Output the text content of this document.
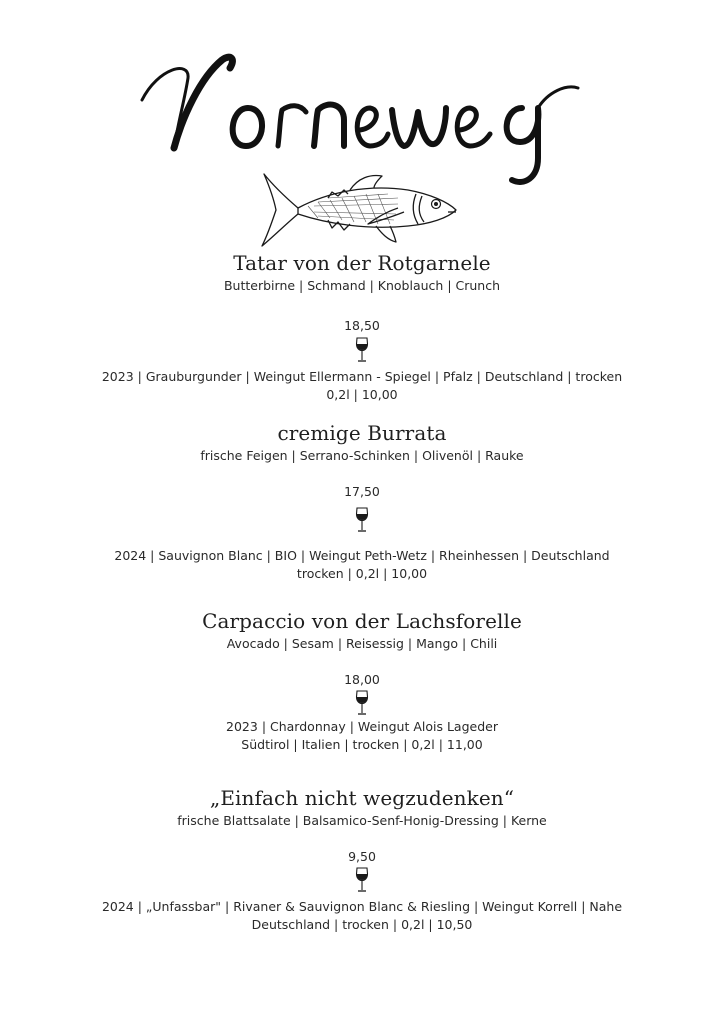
Tatar von der Rotgarnele
Butterbirne | Schmand | Knoblauch | Crunch
18,50
2023 | Grauburgunder | Weingut Ellermann - Spiegel | Pfalz | Deutschland | trocken
0,2l | 10,00
cremige Burrata
frische Feigen | Serrano-Schinken | Olivenöl | Rauke
17,50
2024 | Sauvignon Blanc | BIO | Weingut Peth-Wetz | Rheinhessen | Deutschland
trocken | 0,2l | 10,00
Carpaccio von der Lachsforelle
Avocado | Sesam | Reisessig | Mango | Chili
18,00
2023 | Chardonnay | Weingut Alois Lageder
Südtirol | Italien | trocken | 0,2l | 11,00
„Einfach nicht wegzudenken“
frische Blattsalate | Balsamico-Senf-Honig-Dressing | Kerne
9,50
2024 | „Unfassbar" | Rivaner & Sauvignon Blanc & Riesling | Weingut Korrell | Nahe
Deutschland | trocken | 0,2l | 10,50
